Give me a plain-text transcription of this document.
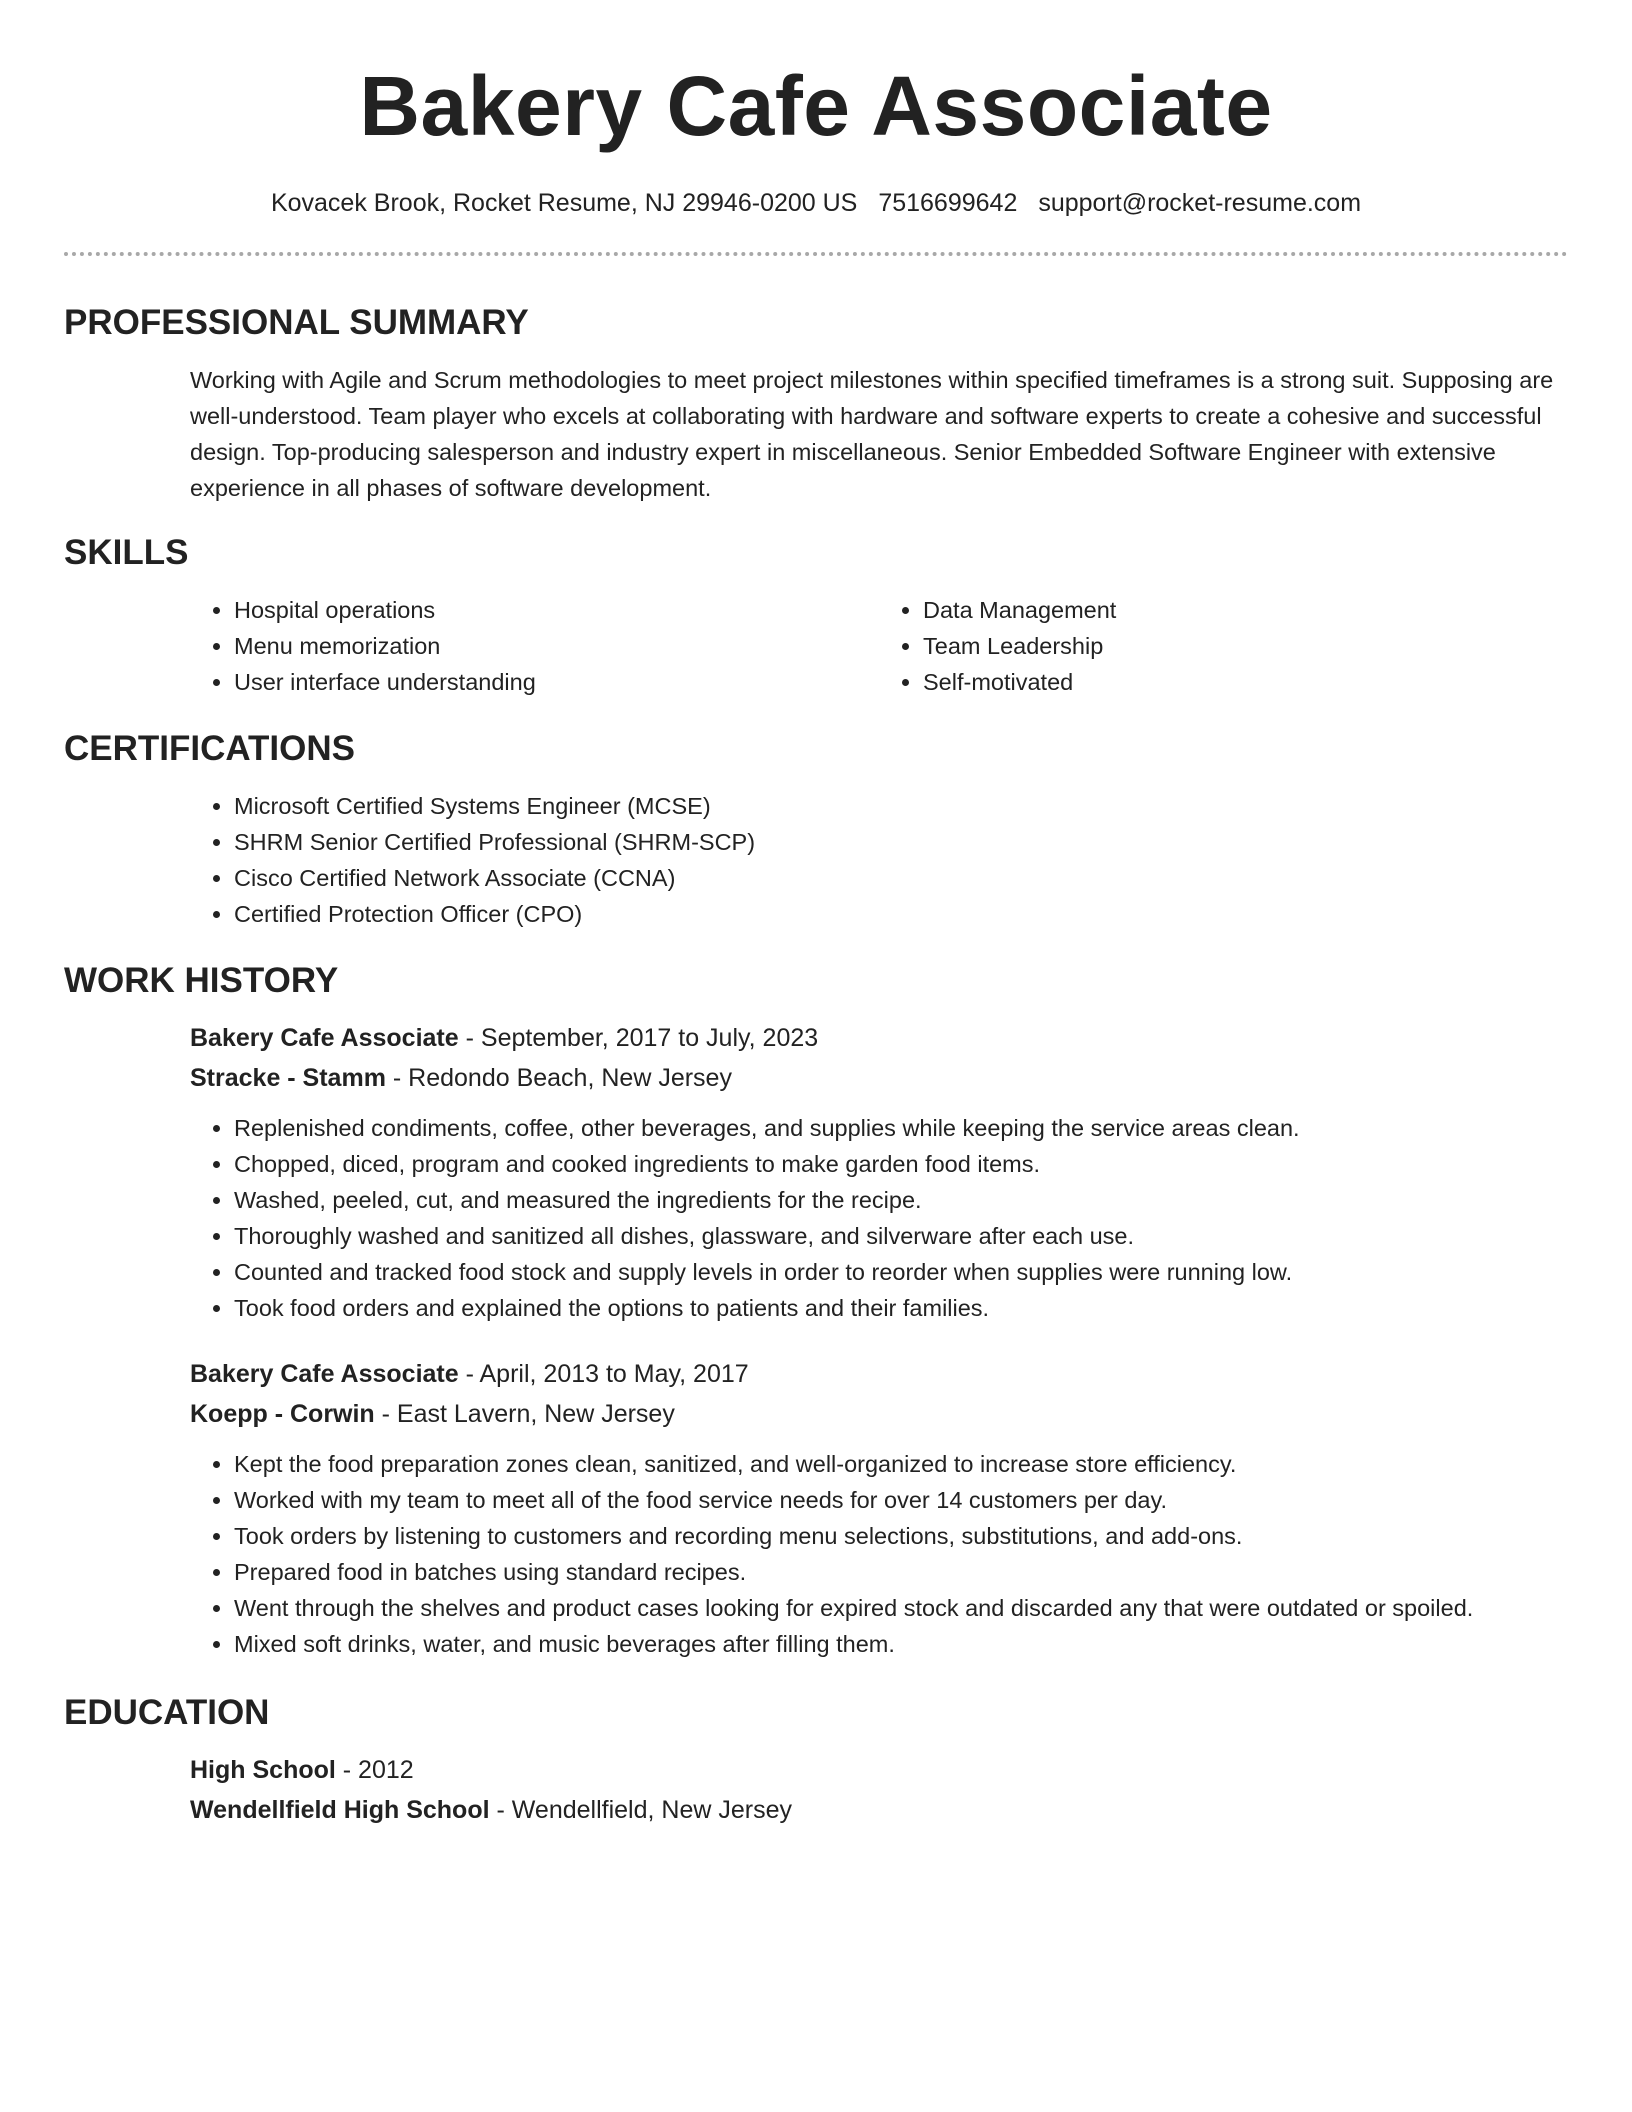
Bakery Cafe Associate
Kovacek Brook, Rocket Resume, NJ 29946-0200 US 7516699642 support@rocket-resume.com
PROFESSIONAL SUMMARY
Working with Agile and Scrum methodologies to meet project milestones within specified timeframes is a strong suit. Supposing are well-understood. Team player who excels at collaborating with hardware and software experts to create a cohesive and successful design. Top-producing salesperson and industry expert in miscellaneous. Senior Embedded Software Engineer with extensive experience in all phases of software development.
SKILLS
• Hospital operations
• Menu memorization
• User interface understanding
• Data Management
• Team Leadership
• Self-motivated
CERTIFICATIONS
• Microsoft Certified Systems Engineer (MCSE)
• SHRM Senior Certified Professional (SHRM-SCP)
• Cisco Certified Network Associate (CCNA)
• Certified Protection Officer (CPO)
WORK HISTORY
Bakery Cafe Associate - September, 2017 to July, 2023
Stracke - Stamm - Redondo Beach, New Jersey
• Replenished condiments, coffee, other beverages, and supplies while keeping the service areas clean.
• Chopped, diced, program and cooked ingredients to make garden food items.
• Washed, peeled, cut, and measured the ingredients for the recipe.
• Thoroughly washed and sanitized all dishes, glassware, and silverware after each use.
• Counted and tracked food stock and supply levels in order to reorder when supplies were running low.
• Took food orders and explained the options to patients and their families.
Bakery Cafe Associate - April, 2013 to May, 2017
Koepp - Corwin - East Lavern, New Jersey
• Kept the food preparation zones clean, sanitized, and well-organized to increase store efficiency.
• Worked with my team to meet all of the food service needs for over 14 customers per day.
• Took orders by listening to customers and recording menu selections, substitutions, and add-ons.
• Prepared food in batches using standard recipes.
• Went through the shelves and product cases looking for expired stock and discarded any that were outdated or spoiled.
• Mixed soft drinks, water, and music beverages after filling them.
EDUCATION
High School - 2012
Wendellfield High School - Wendellfield, New Jersey
